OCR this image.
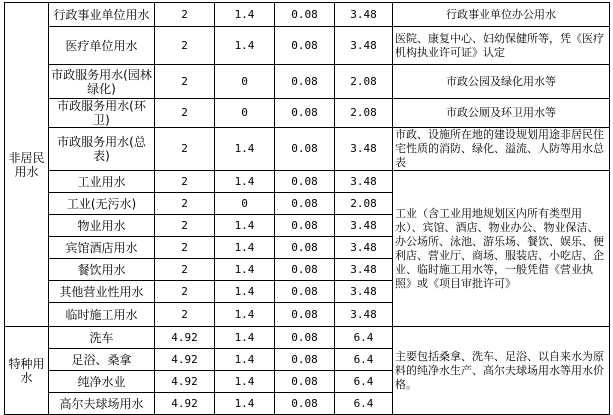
非居民用水	行政事业单位用水	2	1.4	0.08	3.48	行政事业单位办公用水
	医疗单位用水	2	1.4	0.08	3.48	医院、康复中心、妇幼保健所等，凭《医疗机构执业许可证》认定
	市政服务用水(园林绿化)	2	0	0.08	2.08	市政公园及绿化用水等
	市政服务用水(环卫)	2	0	0.08	2.08	市政公厕及环卫用水等
	市政服务用水(总表)	2	1.4	0.08	3.48	市政、设施所在地的建设规划用途非居民住宅性质的消防、绿化、溢流、人防等用水总表
	工业用水	2	1.4	0.08	3.48	工业（含工业用地规划区内所有类型用水）、宾馆、酒店、物业办公、物业保洁、办公场所、泳池、游乐场、餐饮、娱乐、便利店、营业厅、商场、服装店、小吃店、企业、临时施工用水等，一般凭借《营业执照》或《项目审批许可》
	工业(无污水)	2	0	0.08	2.08	
	物业用水	2	1.4	0.08	3.48	
	宾馆酒店用水	2	1.4	0.08	3.48	
	餐饮用水	2	1.4	0.08	3.48	
	其他营业性用水	2	1.4	0.08	3.48	
	临时施工用水	2	1.4	0.08	3.48	
特种用水	洗车	4.92	1.4	0.08	6.4	主要包括桑拿、洗车、足浴、以自来水为原料的纯净水生产、高尔夫球场用水等用水价格。
	足浴、桑拿	4.92	1.4	0.08	6.4	
	纯净水业	4.92	1.4	0.08	6.4	
	高尔夫球场用水	4.92	1.4	0.08	6.4	
